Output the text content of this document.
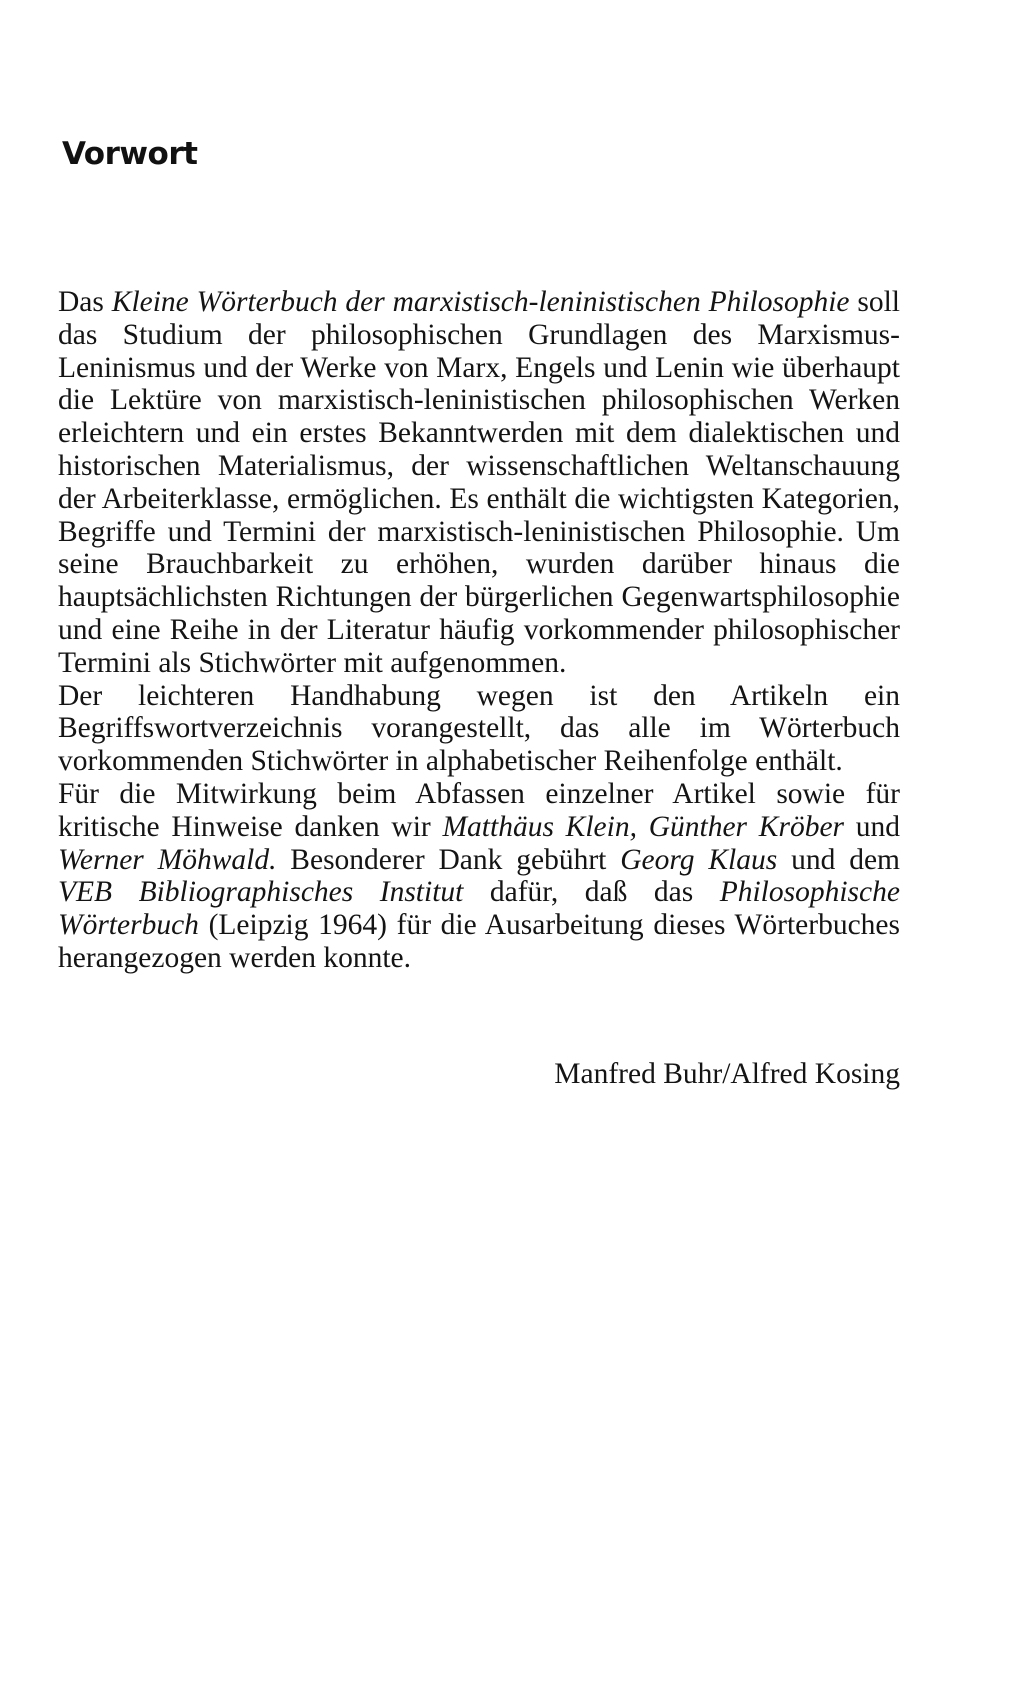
Vorwort

Das Kleine Wörterbuch der marxistisch-leninistischen Philosophie soll das Studium der philosophischen Grundlagen des Marxismus-Leninismus und der Werke von Marx, Engels und Lenin wie überhaupt die Lektüre von marxistisch-leninistischen philosophischen Werken erleichtern und ein erstes Bekanntwerden mit dem dialektischen und historischen Materialismus, der wissenschaftlichen Weltanschauung der Arbeiterklasse, ermöglichen. Es enthält die wichtigsten Kategorien, Begriffe und Termini der marxistisch-leninistischen Philosophie. Um seine Brauchbarkeit zu erhöhen, wurden darüber hinaus die hauptsächlichsten Richtungen der bürgerlichen Gegenwartsphilosophie und eine Reihe in der Literatur häufig vorkommender philosophischer Termini als Stichwörter mit aufgenommen.

Der leichteren Handhabung wegen ist den Artikeln ein Begriffswortverzeichnis vorangestellt, das alle im Wörterbuch vorkommenden Stichwörter in alphabetischer Reihenfolge enthält.

Für die Mitwirkung beim Abfassen einzelner Artikel sowie für kritische Hinweise danken wir Matthäus Klein, Günther Kröber und Werner Möhwald. Besonderer Dank gebührt Georg Klaus und dem VEB Bibliographisches Institut dafür, daß das Philosophische Wörterbuch (Leipzig 1964) für die Ausarbeitung dieses Wörterbuches herangezogen werden konnte.

Manfred Buhr/Alfred Kosing
